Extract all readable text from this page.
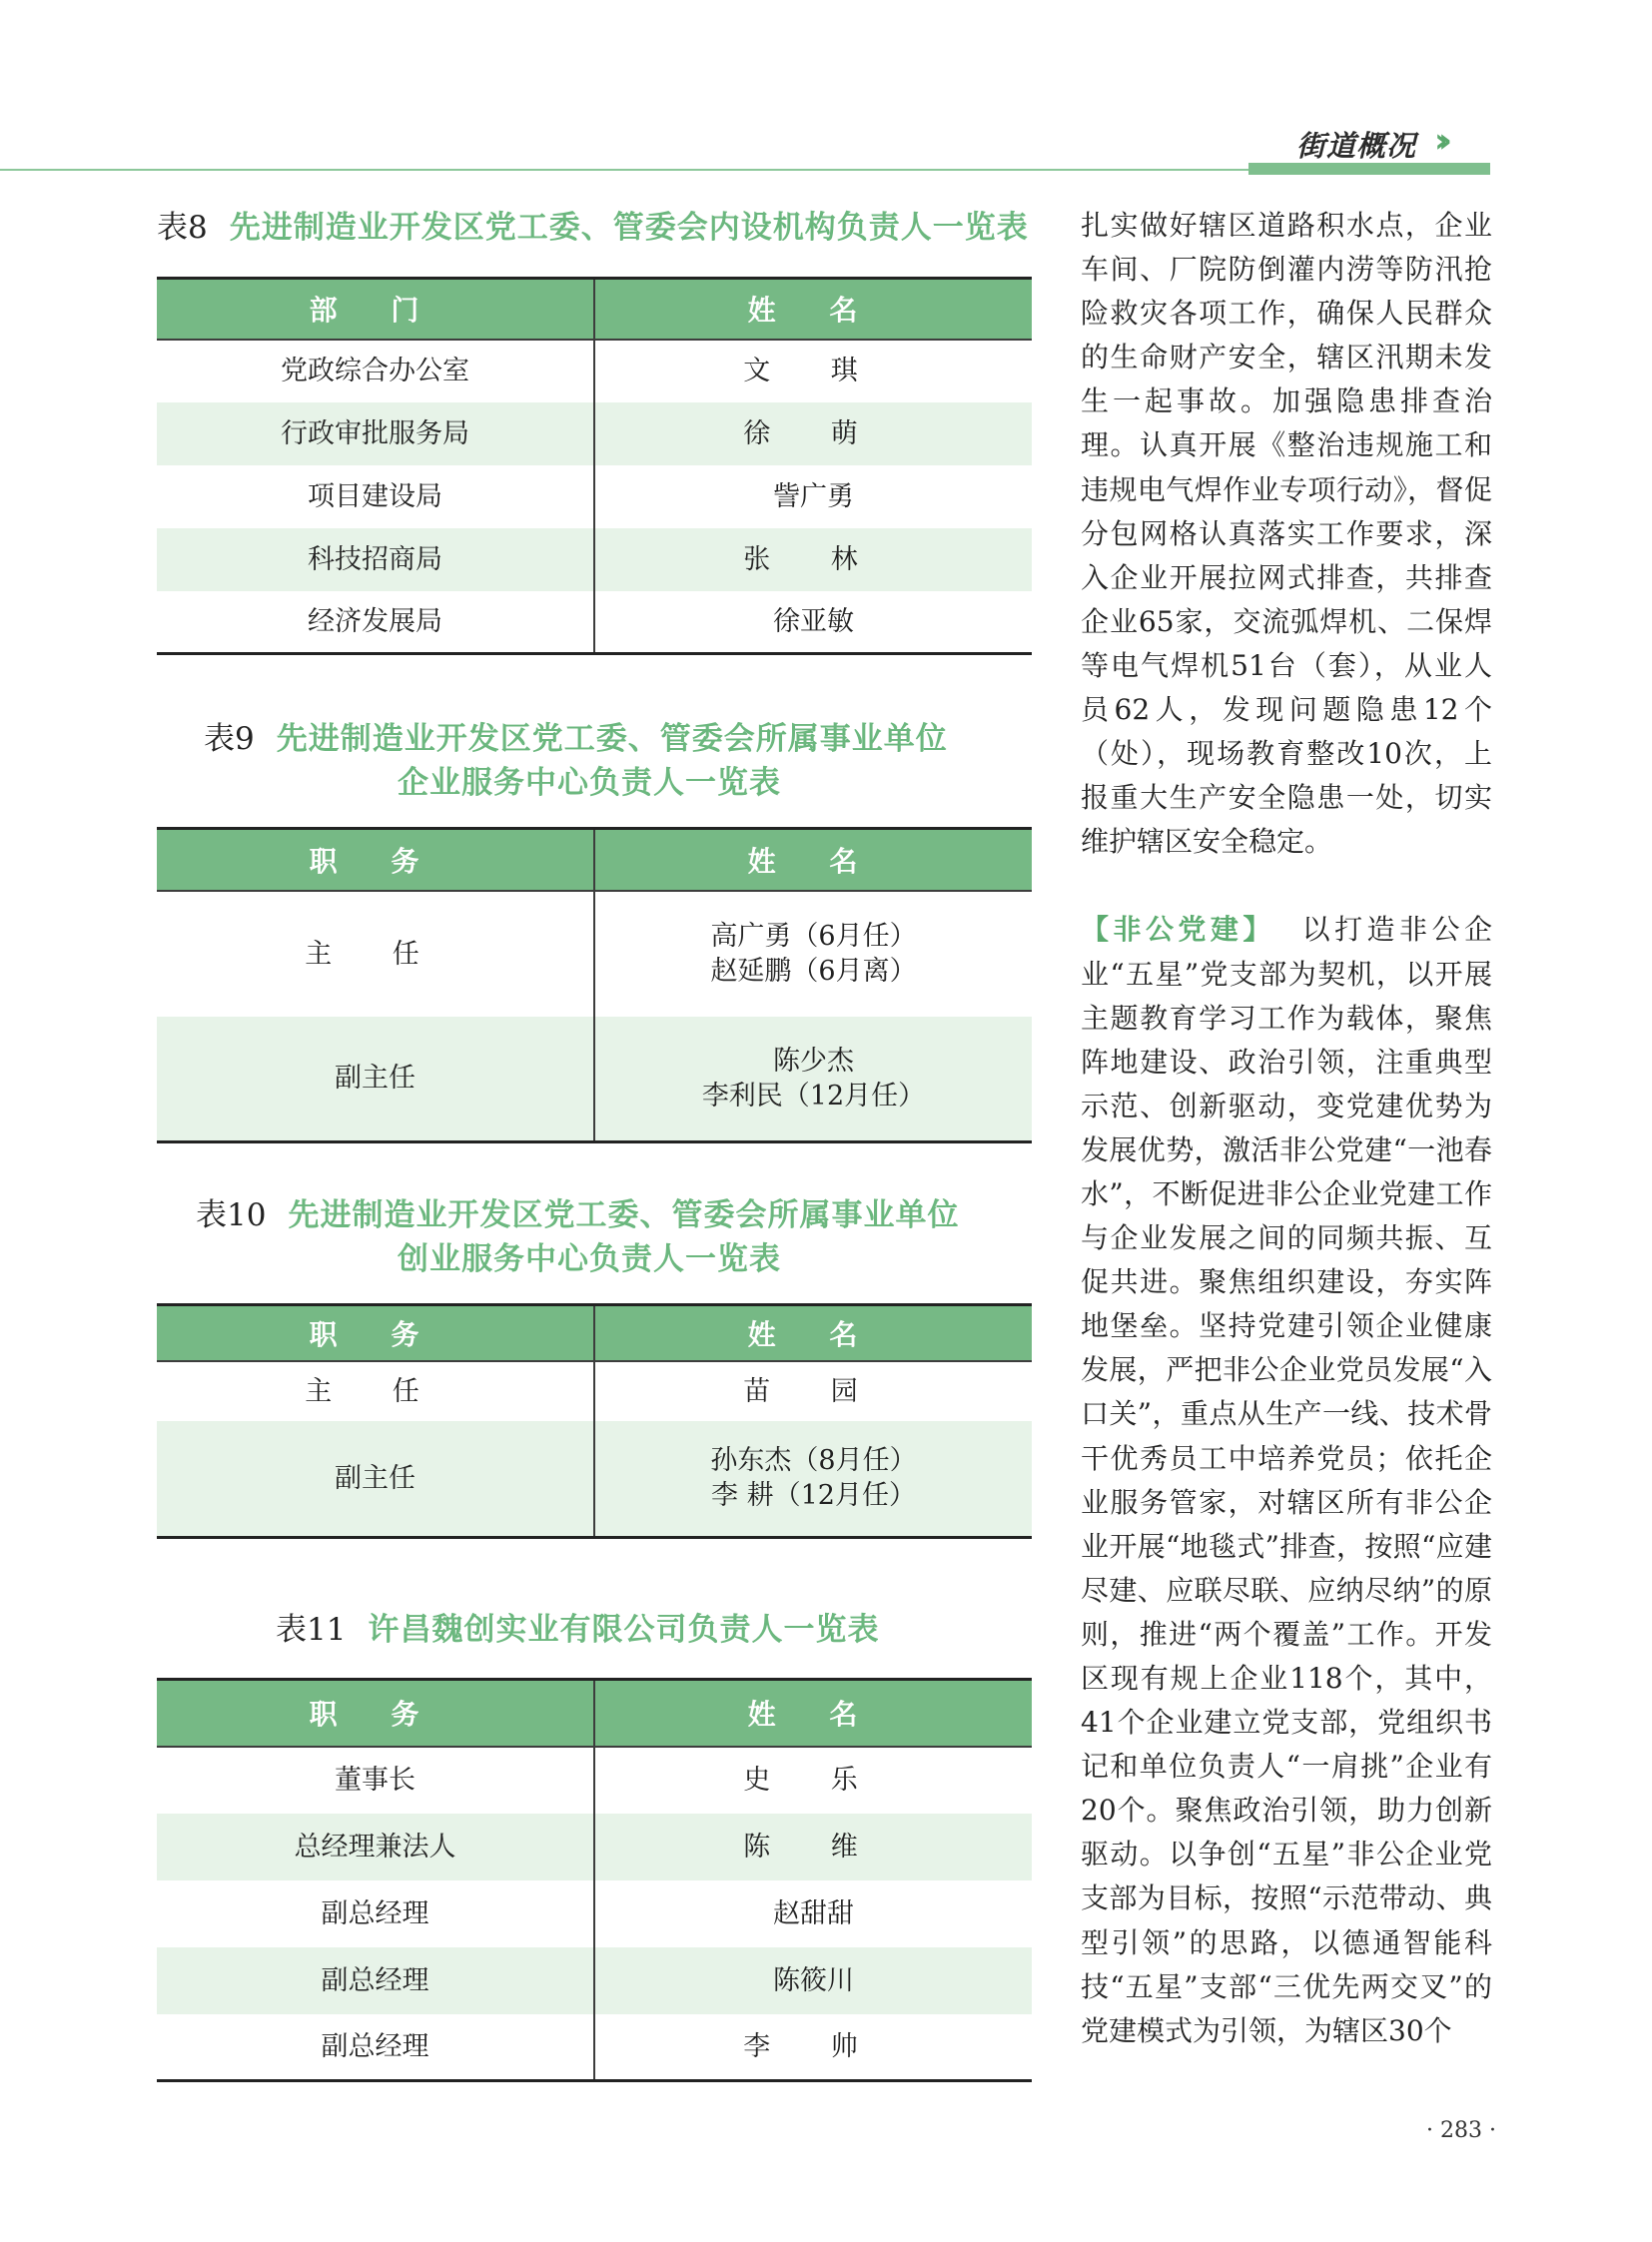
街道概况 ››
表8 先进制造业开发区党工委、管委会内设机构负责人一览表
部 门	姓 名
党政综合办公室	文 琪
行政审批服务局	徐 萌
项目建设局	訾广勇
科技招商局	张 林
经济发展局	徐亚敏
表9 先进制造业开发区党工委、管委会所属事业单位
企业服务中心负责人一览表
职 务	姓 名
主 任	高广勇（6月任）
赵延鹏（6月离）

副主任	陈少杰
李利民（12月任）
表10 先进制造业开发区党工委、管委会所属事业单位
创业服务中心负责人一览表
职 务	姓 名
主 任	苗 园
副主任	孙东杰（8月任）
李 耕（12月任）
表11 许昌魏创实业有限公司负责人一览表
职 务	姓 名
董事长	史 乐
总经理兼法人	陈 维
副总经理	赵甜甜
副总经理	陈筱川
副总经理	李 帅

扎实做好辖区道路积水点，企业车间、厂院防倒灌内涝等防汛抢险救灾各项工作，确保人民群众的生命财产安全，辖区汛期未发生一起事故。加强隐患排查治理。认真开展《整治违规施工和违规电气焊作业专项行动》，督促分包网格认真落实工作要求，深入企业开展拉网式排查，共排查企业65家，交流弧焊机、二保焊等电气焊机51台（套），从业人员62人，发现问题隐患12个（处），现场教育整改10次，上报重大生产安全隐患一处，切实维护辖区安全稳定。

【非公党建】 以打造非公企业“五星”党支部为契机，以开展主题教育学习工作为载体，聚焦阵地建设、政治引领，注重典型示范、创新驱动，变党建优势为发展优势，激活非公党建“一池春水”，不断促进非公企业党建工作与企业发展之间的同频共振、互促共进。聚焦组织建设，夯实阵地堡垒。坚持党建引领企业健康发展，严把非公企业党员发展“入口关”，重点从生产一线、技术骨干优秀员工中培养党员；依托企业服务管家，对辖区所有非公企业开展“地毯式”排查，按照“应建尽建、应联尽联、应纳尽纳”的原则，推进“两个覆盖”工作。开发区现有规上企业118个，其中，41个企业建立党支部，党组织书记和单位负责人“一肩挑”企业有20个。聚焦政治引领，助力创新驱动。以争创“五星”非公企业党支部为目标，按照“示范带动、典型引领”的思路，以德通智能科技“五星”支部“三优先两交叉”的党建模式为引领，为辖区30个

· 283 ·
